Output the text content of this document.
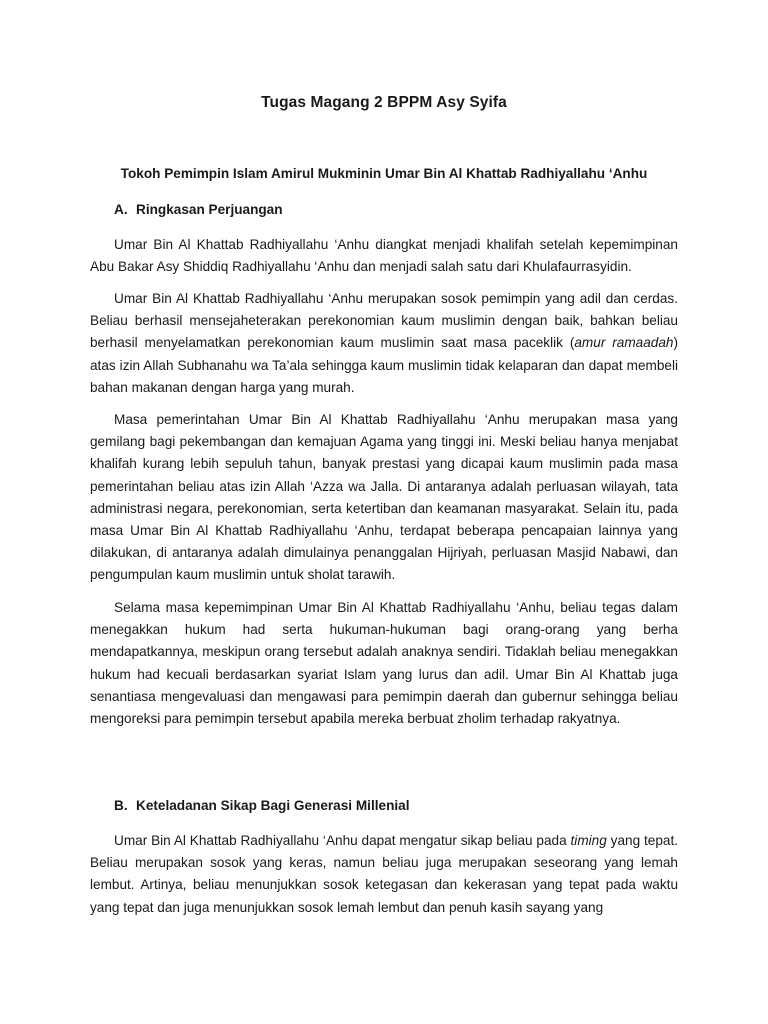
Tugas Magang 2 BPPM Asy Syifa
Tokoh Pemimpin Islam Amirul Mukminin Umar Bin Al Khattab Radhiyallahu ‘Anhu
A. Ringkasan Perjuangan

Umar Bin Al Khattab Radhiyallahu ‘Anhu diangkat menjadi khalifah setelah kepemimpinan Abu Bakar Asy Shiddiq Radhiyallahu ‘Anhu dan menjadi salah satu dari Khulafaurrasyidin.

Umar Bin Al Khattab Radhiyallahu ‘Anhu merupakan sosok pemimpin yang adil dan cerdas. Beliau berhasil mensejaheterakan perekonomian kaum muslimin dengan baik, bahkan beliau berhasil menyelamatkan perekonomian kaum muslimin saat masa paceklik (amur ramaadah) atas izin Allah Subhanahu wa Ta’ala sehingga kaum muslimin tidak kelaparan dan dapat membeli bahan makanan dengan harga yang murah.

Masa pemerintahan Umar Bin Al Khattab Radhiyallahu ‘Anhu merupakan masa yang gemilang bagi pekembangan dan kemajuan Agama yang tinggi ini. Meski beliau hanya menjabat khalifah kurang lebih sepuluh tahun, banyak prestasi yang dicapai kaum muslimin pada masa pemerintahan beliau atas izin Allah ‘Azza wa Jalla. Di antaranya adalah perluasan wilayah, tata administrasi negara, perekonomian, serta ketertiban dan keamanan masyarakat. Selain itu, pada masa Umar Bin Al Khattab Radhiyallahu ‘Anhu, terdapat beberapa pencapaian lainnya yang dilakukan, di antaranya adalah dimulainya penanggalan Hijriyah, perluasan Masjid Nabawi, dan pengumpulan kaum muslimin untuk sholat tarawih.

Selama masa kepemimpinan Umar Bin Al Khattab Radhiyallahu ‘Anhu, beliau tegas dalam menegakkan hukum had serta hukuman-hukuman bagi orang-orang yang berha mendapatkannya, meskipun orang tersebut adalah anaknya sendiri. Tidaklah beliau menegakkan hukum had kecuali berdasarkan syariat Islam yang lurus dan adil. Umar Bin Al Khattab juga senantiasa mengevaluasi dan mengawasi para pemimpin daerah dan gubernur sehingga beliau mengoreksi para pemimpin tersebut apabila mereka berbuat zholim terhadap rakyatnya.

B. Keteladanan Sikap Bagi Generasi Millenial

Umar Bin Al Khattab Radhiyallahu ‘Anhu dapat mengatur sikap beliau pada timing yang tepat. Beliau merupakan sosok yang keras, namun beliau juga merupakan seseorang yang lemah lembut. Artinya, beliau menunjukkan sosok ketegasan dan kekerasan yang tepat pada waktu yang tepat dan juga menunjukkan sosok lemah lembut dan penuh kasih sayang yang
